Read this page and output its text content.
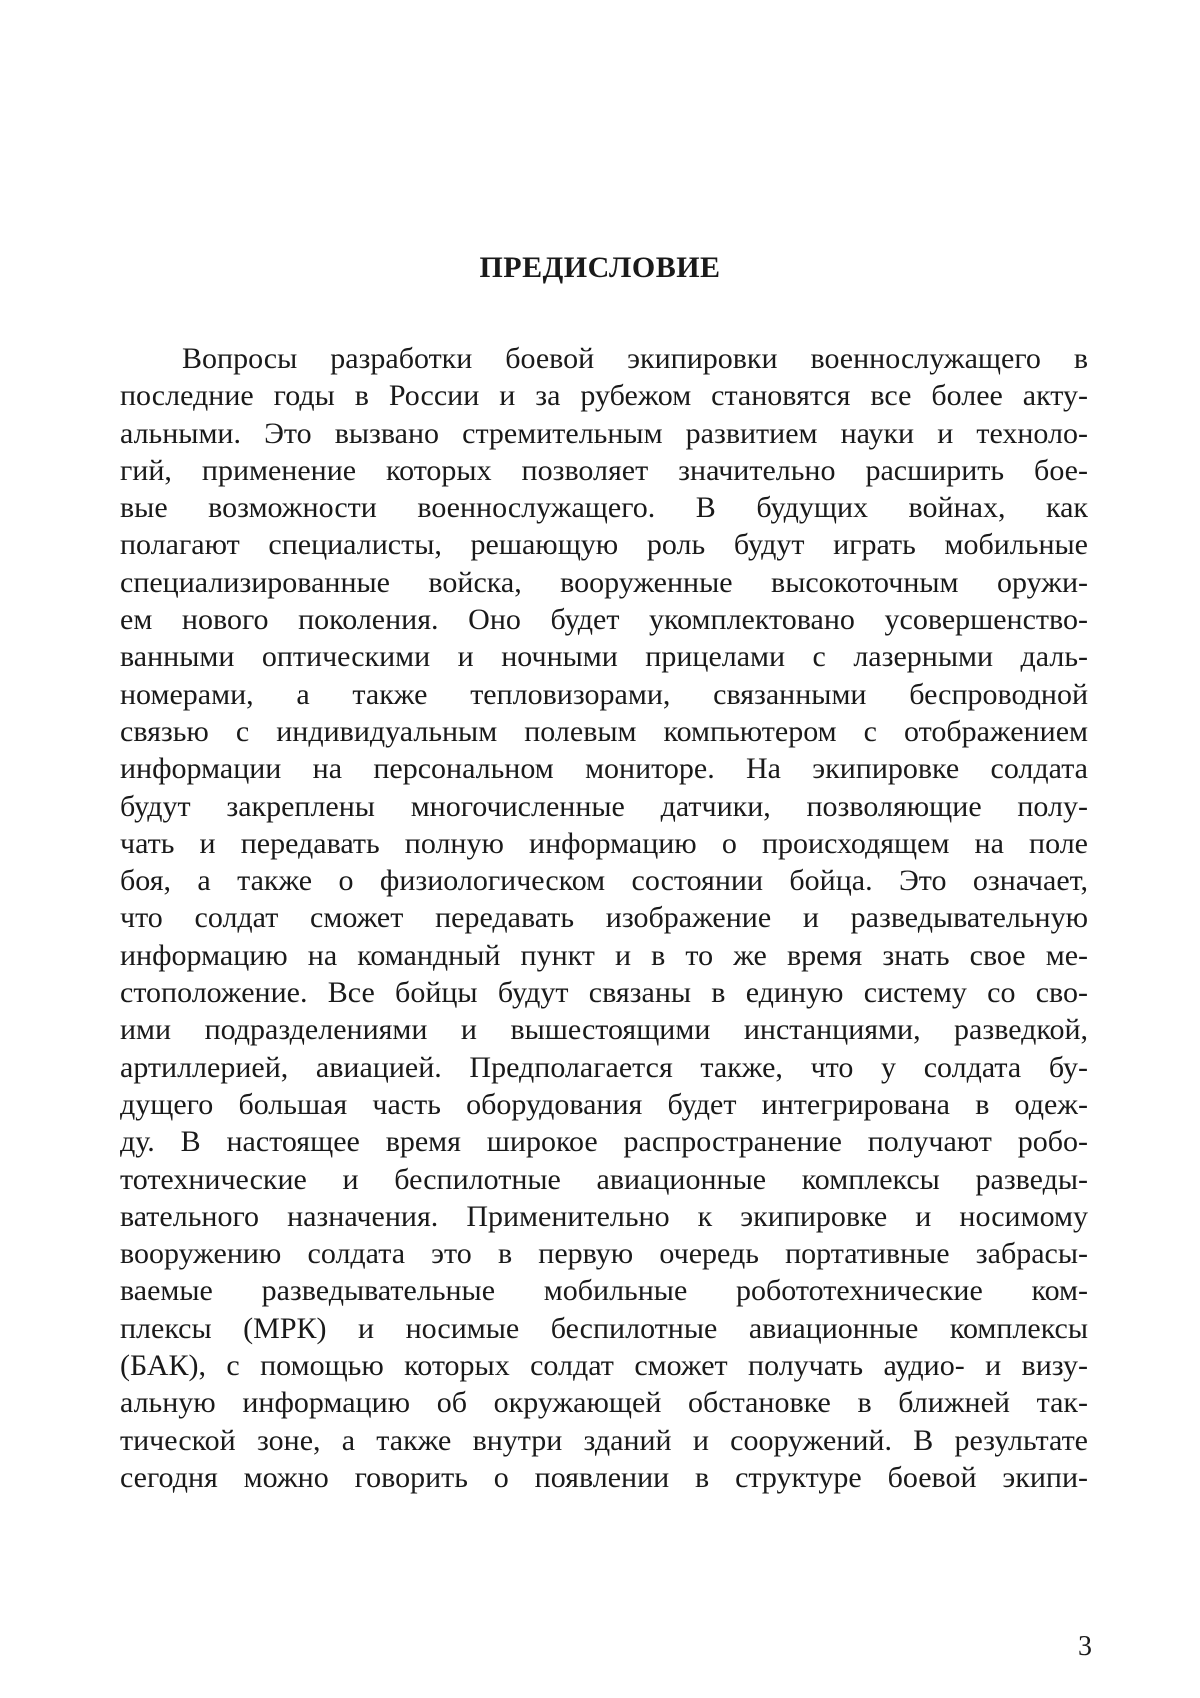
ПРЕДИСЛОВИЕ
Вопросы разработки боевой экипировки военнослужащего в
последние годы в России и за рубежом становятся все более акту-
альными. Это вызвано стремительным развитием науки и техноло-
гий, применение которых позволяет значительно расширить бое-
вые возможности военнослужащего. В будущих войнах, как
полагают специалисты, решающую роль будут играть мобильные
специализированные войска, вооруженные высокоточным оружи-
ем нового поколения. Оно будет укомплектовано усовершенство-
ванными оптическими и ночными прицелами с лазерными даль-
номерами, а также тепловизорами, связанными беспроводной
связью с индивидуальным полевым компьютером с отображением
информации на персональном мониторе. На экипировке солдата
будут закреплены многочисленные датчики, позволяющие полу-
чать и передавать полную информацию о происходящем на поле
боя, а также о физиологическом состоянии бойца. Это означает,
что солдат сможет передавать изображение и разведывательную
информацию на командный пункт и в то же время знать свое ме-
стоположение. Все бойцы будут связаны в единую систему со сво-
ими подразделениями и вышестоящими инстанциями, разведкой,
артиллерией, авиацией. Предполагается также, что у солдата бу-
дущего большая часть оборудования будет интегрирована в одеж-
ду. В настоящее время широкое распространение получают робо-
тотехнические и беспилотные авиационные комплексы разведы-
вательного назначения. Применительно к экипировке и носимому
вооружению солдата это в первую очередь портативные забрасы-
ваемые разведывательные мобильные робототехнические ком-
плексы (МРК) и носимые беспилотные авиационные комплексы
(БАК), с помощью которых солдат сможет получать аудио- и визу-
альную информацию об окружающей обстановке в ближней так-
тической зоне, а также внутри зданий и сооружений. В результате
сегодня можно говорить о появлении в структуре боевой экипи-
3
